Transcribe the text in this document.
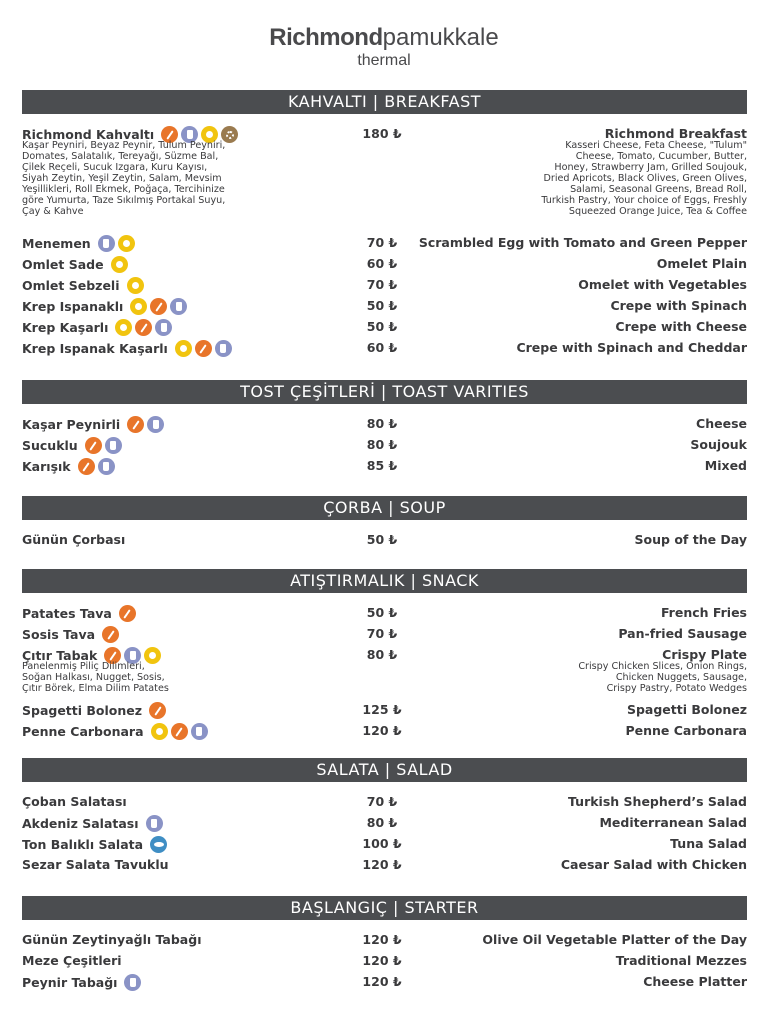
Richmondpamukkale
thermal
KAHVALTI | BREAKFAST
Richmond Kahvaltı	180 ₺	Richmond Breakfast
Kaşar Peyniri, Beyaz Peynir, Tulum Peyniri,
Domates, Salatalık, Tereyağı, Süzme Bal,
Çilek Reçeli, Sucuk Izgara, Kuru Kayısı,
Siyah Zeytin, Yeşil Zeytin, Salam, Mevsim
Yeşillikleri, Roll Ekmek, Poğaça, Tercihinize
göre Yumurta, Taze Sıkılmış Portakal Suyu,
Çay & Kahve
Kasseri Cheese, Feta Cheese, "Tulum"
Cheese, Tomato, Cucumber, Butter,
Honey, Strawberry Jam, Grilled Soujouk,
Dried Apricots, Black Olives, Green Olives,
Salami, Seasonal Greens, Bread Roll,
Turkish Pastry, Your choice of Eggs, Freshly
Squeezed Orange Juice, Tea & Coffee
Menemen	70 ₺	Scrambled Egg with Tomato and Green Pepper
Omlet Sade	60 ₺	Omelet Plain
Omlet Sebzeli	70 ₺	Omelet with Vegetables
Krep Ispanaklı	50 ₺	Crepe with Spinach
Krep Kaşarlı	50 ₺	Crepe with Cheese
Krep Ispanak Kaşarlı	60 ₺	Crepe with Spinach and Cheddar
TOST ÇEŞİTLERİ | TOAST VARITIES
Kaşar Peynirli	80 ₺	Cheese
Sucuklu	80 ₺	Soujouk
Karışık	85 ₺	Mixed
ÇORBA | SOUP
Günün Çorbası	50 ₺	Soup of the Day
ATIŞTIRMALIK | SNACK
Patates Tava	50 ₺	French Fries
Sosis Tava	70 ₺	Pan-fried Sausage
Çıtır Tabak	80 ₺	Crispy Plate
Panelenmiş Piliç Dilimleri,
Soğan Halkası, Nugget, Sosis,
Çıtır Börek, Elma Dilim Patates
Crispy Chicken Slices, Onion Rings,
Chicken Nuggets, Sausage,
Crispy Pastry, Potato Wedges
Spagetti Bolonez	125 ₺	Spagetti Bolonez
Penne Carbonara	120 ₺	Penne Carbonara
SALATA | SALAD
Çoban Salatası	70 ₺	Turkish Shepherd’s Salad
Akdeniz Salatası	80 ₺	Mediterranean Salad
Ton Balıklı Salata	100 ₺	Tuna Salad
Sezar Salata Tavuklu	120 ₺	Caesar Salad with Chicken
BAŞLANGIÇ | STARTER
Günün Zeytinyağlı Tabağı	120 ₺	Olive Oil Vegetable Platter of the Day
Meze Çeşitleri	120 ₺	Traditional Mezzes
Peynir Tabağı	120 ₺	Cheese Platter
